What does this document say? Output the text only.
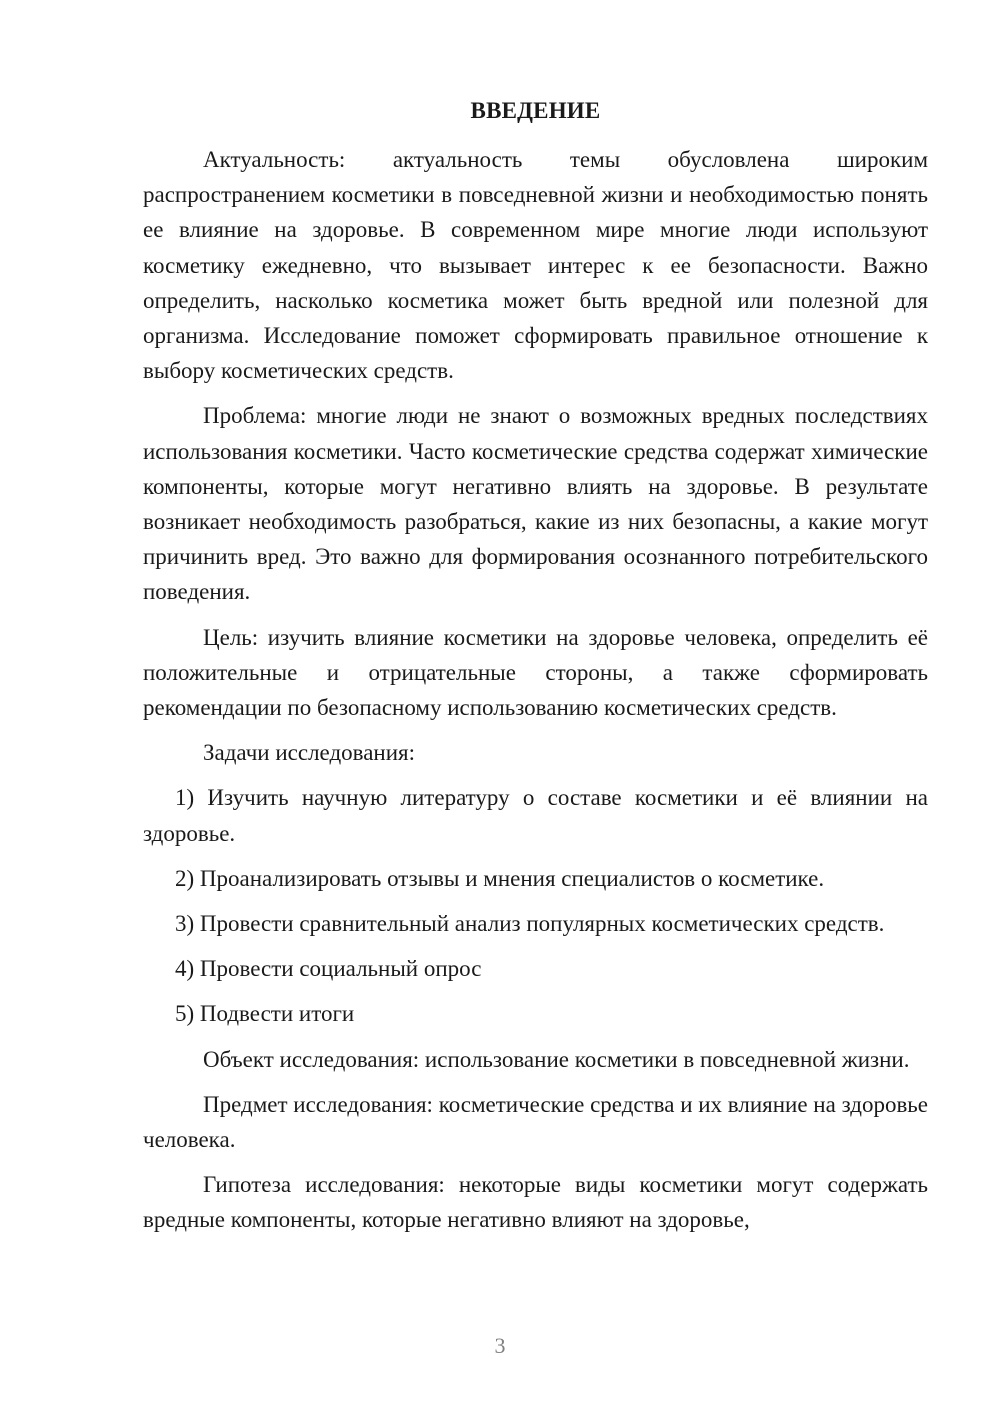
ВВЕДЕНИЕ

Актуальность: актуальность темы обусловлена широким распространением косметики в повседневной жизни и необходимостью понять ее влияние на здоровье. В современном мире многие люди используют косметику ежедневно, что вызывает интерес к ее безопасности. Важно определить, насколько косметика может быть вредной или полезной для организма. Исследование поможет сформировать правильное отношение к выбору косметических средств.

Проблема: многие люди не знают о возможных вредных последствиях использования косметики. Часто косметические средства содержат химические компоненты, которые могут негативно влиять на здоровье. В результате возникает необходимость разобраться, какие из них безопасны, а какие могут причинить вред. Это важно для формирования осознанного потребительского поведения.

Цель: изучить влияние косметики на здоровье человека, определить её положительные и отрицательные стороны, а также сформировать рекомендации по безопасному использованию косметических средств.

Задачи исследования:

1) Изучить научную литературу о составе косметики и её влиянии на здоровье.

2) Проанализировать отзывы и мнения специалистов о косметике.

3) Провести сравнительный анализ популярных косметических средств.

4) Провести социальный опрос

5) Подвести итоги

Объект исследования: использование косметики в повседневной жизни.

Предмет исследования: косметические средства и их влияние на здоровье человека.

Гипотеза исследования: некоторые виды косметики могут содержать вредные компоненты, которые негативно влияют на здоровье,

3
